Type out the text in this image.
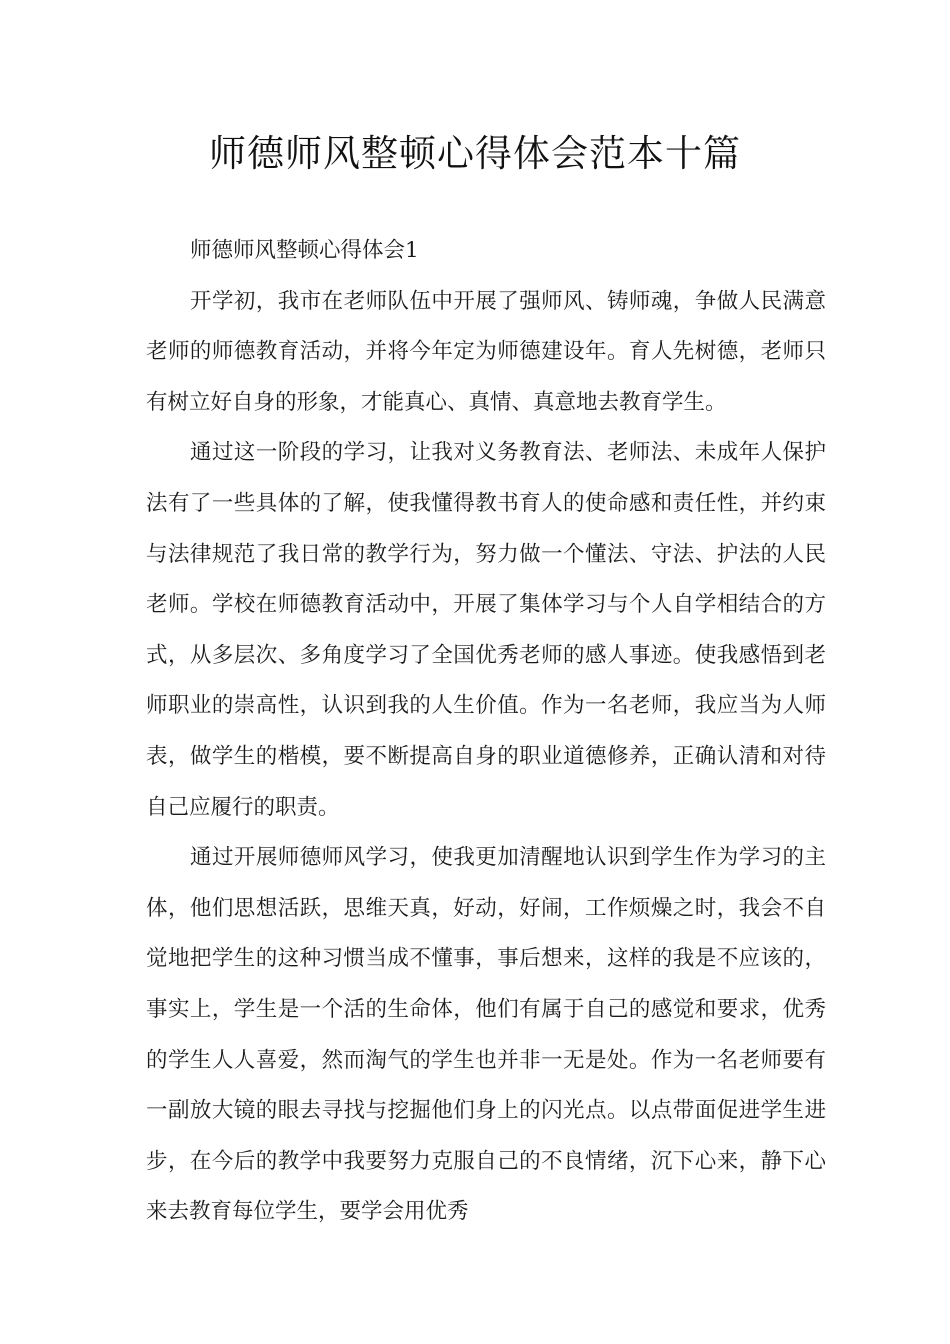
师德师风整顿心得体会范本十篇

师德师风整顿心得体会1

开学初，我市在老师队伍中开展了强师风、铸师魂，争做人民满意老师的师德教育活动，并将今年定为师德建设年。育人先树德，老师只有树立好自身的形象，才能真心、真情、真意地去教育学生。

通过这一阶段的学习，让我对义务教育法、老师法、未成年人保护法有了一些具体的了解，使我懂得教书育人的使命感和责任性，并约束与法律规范了我日常的教学行为，努力做一个懂法、守法、护法的人民老师。学校在师德教育活动中，开展了集体学习与个人自学相结合的方式，从多层次、多角度学习了全国优秀老师的感人事迹。使我感悟到老师职业的崇高性，认识到我的人生价值。作为一名老师，我应当为人师表，做学生的楷模，要不断提高自身的职业道德修养，正确认清和对待自己应履行的职责。

通过开展师德师风学习，使我更加清醒地认识到学生作为学习的主体，他们思想活跃，思维天真，好动，好闹，工作烦燥之时，我会不自觉地把学生的这种习惯当成不懂事，事后想来，这样的我是不应该的，事实上，学生是一个活的生命体，他们有属于自己的感觉和要求，优秀的学生人人喜爱，然而淘气的学生也并非一无是处。作为一名老师要有一副放大镜的眼去寻找与挖掘他们身上的闪光点。以点带面促进学生进步，在今后的教学中我要努力克服自己的不良情绪，沉下心来，静下心来去教育每位学生，要学会用优秀
